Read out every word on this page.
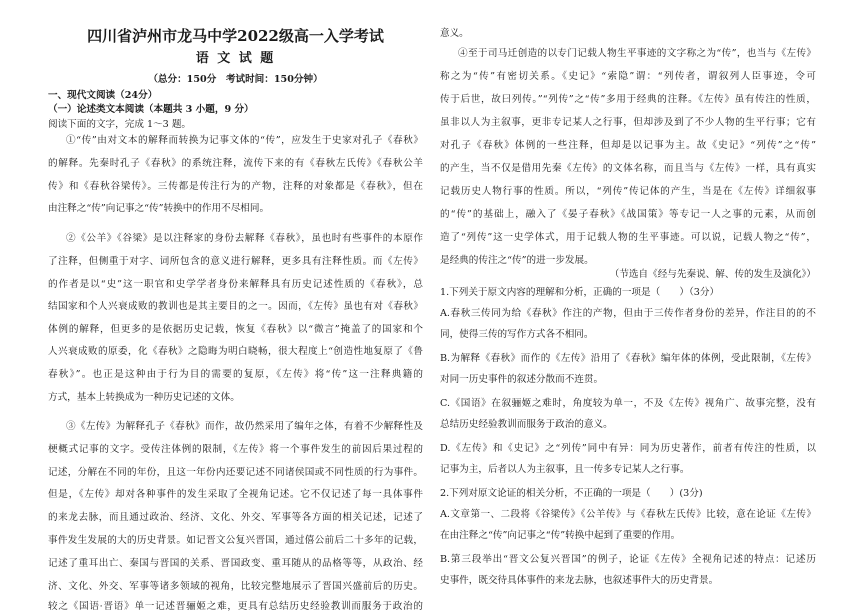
四川省泸州市龙马中学2022级高一入学考试
语 文 试 题
（总分：150分　考试时间：150分钟）
一、现代文阅读（24分）
（一）论述类文本阅读（本题共 3 小题，9 分）
阅读下面的文字，完成 1～3 题。
①“传”由对文本的解释而转换为记事文体的“传”，应发生于史家对孔子《春秋》
的解释。先秦时孔子《春秋》的系统注释，流传下来的有《春秋左氏传》《春秋公羊
传》和《春秋谷梁传》。三传都是传注行为的产物，注释的对象都是《春秋》，但在
由注释之“传”向记事之“传”转换中的作用不尽相同。
②《公羊》《谷梁》是以注释家的身份去解释《春秋》，虽也时有些事件的本原作
了注释，但侧重于对字、词所包含的意义进行解释，更多具有注释性质。而《左传》
的作者是以“史”这一职官和史学学者身份来解释具有历史记述性质的《春秋》，总
结国家和个人兴衰成败的教训也是其主要目的之一。因而，《左传》虽也有对《春秋》
体例的解释，但更多的是依据历史记载，恢复《春秋》以“微言”掩盖了的国家和个
人兴衰成败的原委，化《春秋》之隐晦为明白晓畅，很大程度上“创造性地复原了《鲁
春秋》”。也正是这种由于行为目的需要的复原，《左传》将“传”这一注释典籍的
方式，基本上转换成为一种历史记述的文体。
③《左传》为解释孔子《春秋》而作，故仍然采用了编年之体，有着不少解释性及
梗概式记事的文字。受传注体例的限制，《左传》将一个事件发生的前因后果过程的
记述，分解在不同的年份，且这一年份内还要记述不同诸侯国或不同性质的行为事件。
但是，《左传》却对各种事件的发生采取了全视角记述。它不仅记述了每一具体事件
的来龙去脉，而且通过政治、经济、文化、外交、军事等各方面的相关记述，记述了
事件发生发展的大的历史背景。如记晋文公复兴晋国，通过僖公前后二十多年的记载，
记述了重耳出亡、秦国与晋国的关系、晋国政变、重耳随从的品格等等，从政治、经
济、文化、外交、军事等诸多领域的视角，比较完整地展示了晋国兴盛前后的历史。
较之《国语·晋语》单一记述晋骊姬之难，更具有总结历史经验教训而服务于政治的
意义。
④至于司马迁创造的以专门记载人物生平事迹的文字称之为“传”，也当与《左传》
称之为“传”有密切关系。《史记》“索隐”谓：“列传者，谓叙列人臣事迹，令可
传于后世，故曰列传。”“列传”之“传”多用于经典的注释。《左传》虽有传注的性质，
虽非以人为主叙事，更非专记某人之行事，但却涉及到了不少人物的生平行事；它有
对孔子《春秋》体例的一些注释，但却是以记事为主。故《史记》“列传”之“传”
的产生，当不仅是借用先秦《左传》的文体名称，而且当与《左传》一样，具有真实
记载历史人物行事的性质。所以，“列传”传记体的产生，当是在《左传》详细叙事
的“传”的基础上，融入了《晏子春秋》《战国策》等专记一人之事的元素，从而创
造了“列传”这一史学体式，用于记载人物的生平事迹。可以说，记载人物之“传”，
是经典的传注之“传”的进一步发展。
（节选自《经与先秦说、解、传的发生及演化》）
1.下列关于原文内容的理解和分析，正确的一项是（　　）（3分）
A.春秋三传同为给《春秋》作注的产物，但由于三传作者身份的差异，作注目的的不
同，使得三传的写作方式各不相同。
B.为解释《春秋》而作的《左传》沿用了《春秋》编年体的体例，受此限制，《左传》
对同一历史事件的叙述分散而不连贯。
C.《国语》在叙骊姬之难时，角度较为单一，不及《左传》视角广、故事完整，没有
总结历史经验教训而服务于政治的意义。
D.《左传》和《史记》之“列传”同中有异：同为历史著作，前者有传注的性质，以
记事为主，后者以人为主叙事，且一传多专记某人之行事。
2.下列对原文论证的相关分析，不正确的一项是（　　）(3分)
A.文章第一、二段将《谷梁传》《公羊传》与《春秋左氏传》比较，意在论证《左传》
在由注释之“传”向记事之“传”转换中起到了重要的作用。
B.第三段举出“晋文公复兴晋国”的例子，论证《左传》全视角记述的特点：记述历
史事件，既交待具体事件的来龙去脉，也叙述事件大的历史背景。
